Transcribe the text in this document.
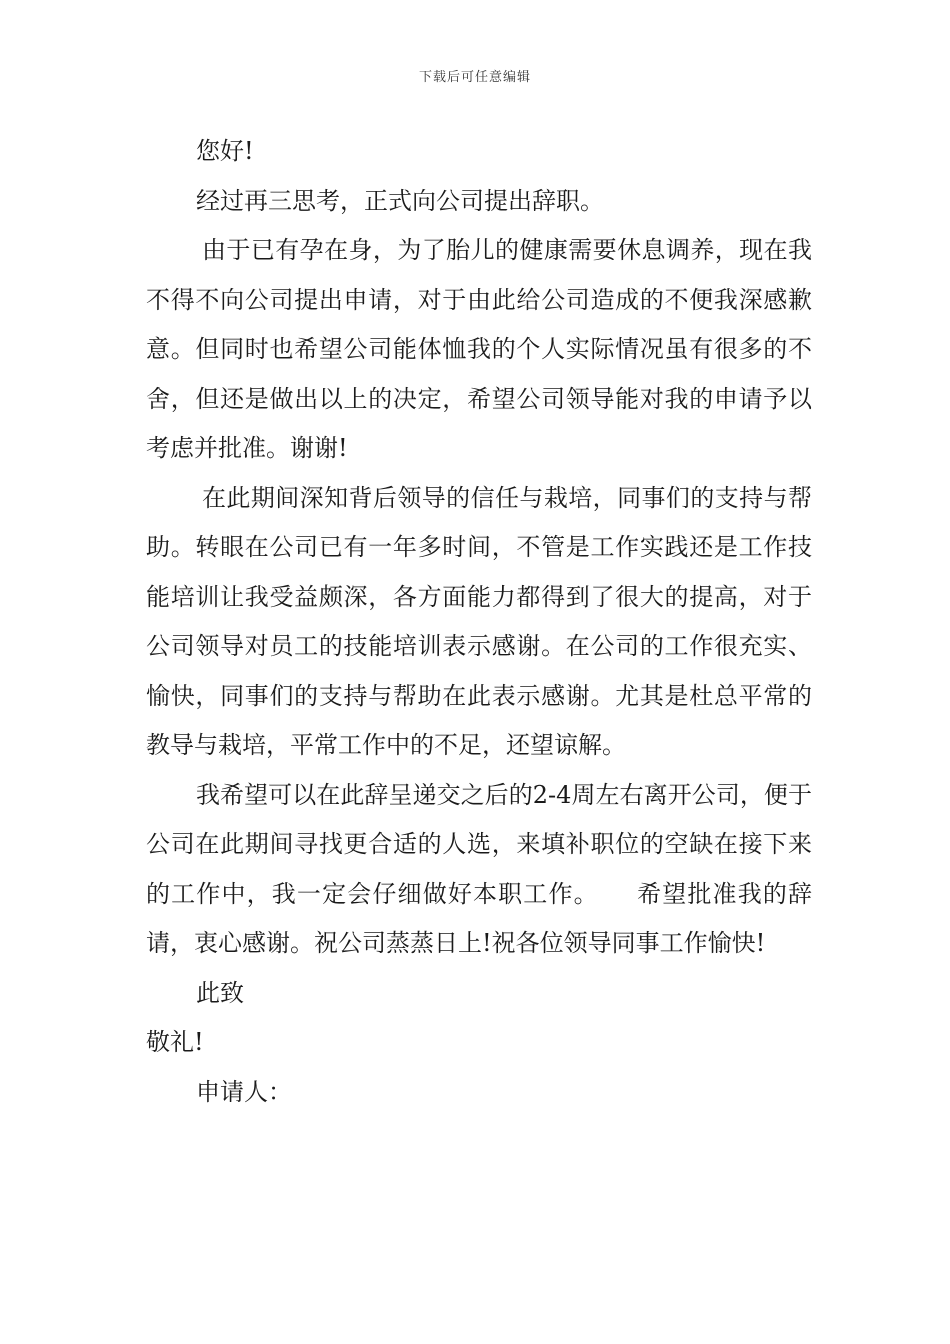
下载后可任意编辑

您好!

经过再三思考，正式向公司提出辞职。

由于已有孕在身，为了胎儿的健康需要休息调养，现在我不得不向公司提出申请，对于由此给公司造成的不便我深感歉意。但同时也希望公司能体恤我的个人实际情况虽有很多的不舍，但还是做出以上的决定，希望公司领导能对我的申请予以考虑并批准。谢谢!

在此期间深知背后领导的信任与栽培，同事们的支持与帮助。转眼在公司已有一年多时间，不管是工作实践还是工作技能培训让我受益颇深，各方面能力都得到了很大的提高，对于公司领导对员工的技能培训表示感谢。在公司的工作很充实、愉快，同事们的支持与帮助在此表示感谢。尤其是杜总平常的教导与栽培，平常工作中的不足，还望谅解。

我希望可以在此辞呈递交之后的2-4周左右离开公司，便于公司在此期间寻找更合适的人选，来填补职位的空缺在接下来的工作中，我一定会仔细做好本职工作。　　希望批准我的辞请，衷心感谢。祝公司蒸蒸日上!祝各位领导同事工作愉快!

此致

敬礼!

申请人：
